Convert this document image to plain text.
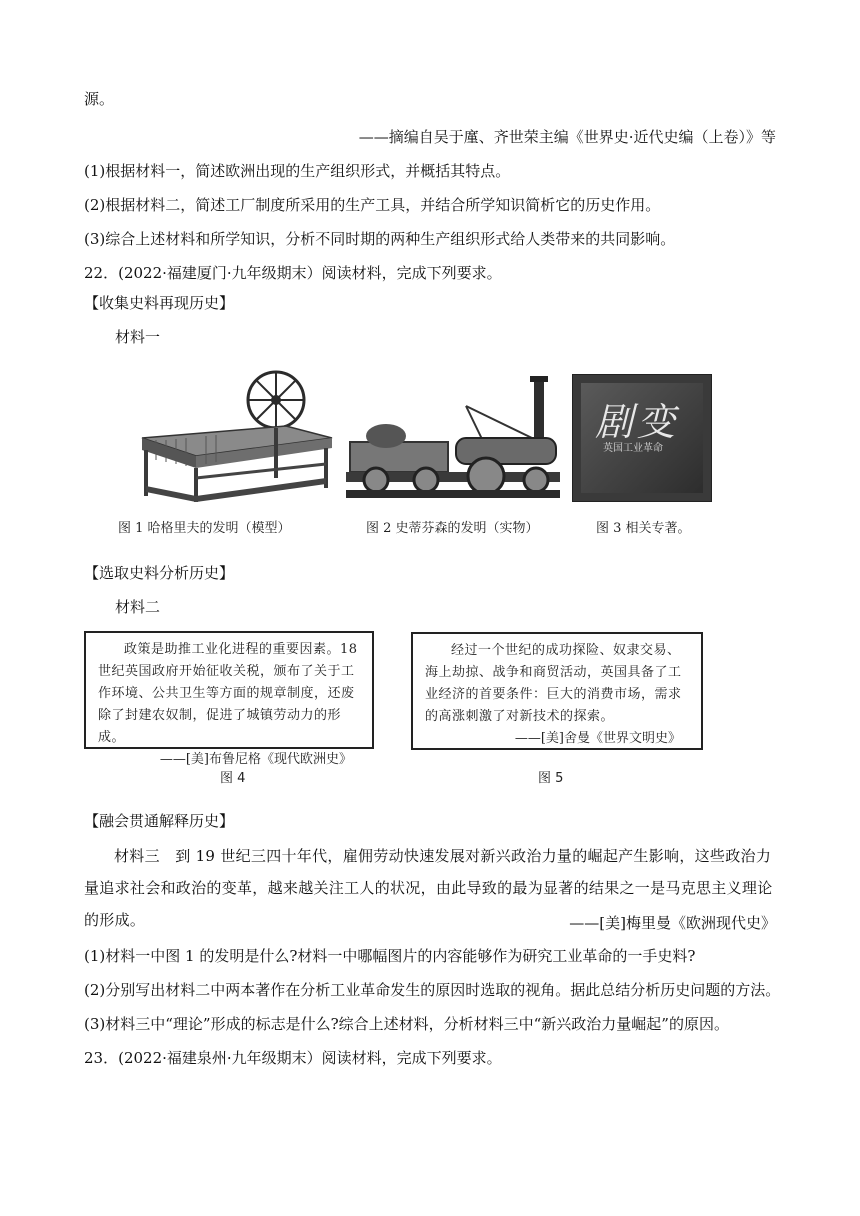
源。
——摘编自吴于廑、齐世荣主编《世界史·近代史编（上卷）》等
(1)根据材料一，简述欧洲出现的生产组织形式，并概括其特点。
(2)根据材料二，简述工厂制度所采用的生产工具，并结合所学知识简析它的历史作用。
(3)综合上述材料和所学知识，分析不同时期的两种生产组织形式给人类带来的共同影响。
22．(2022·福建厦门·九年级期末）阅读材料，完成下列要求。
【收集史料再现历史】
材料一
剧变
英国工业革命
图 1 哈格里夫的发明（模型）	图 2 史蒂芬森的发明（实物）	图 3 相关专著。
【选取史料分析历史】
材料二
政策是助推工业化进程的重要因素。18世纪英国政府开始征收关税，颁布了关于工作环境、公共卫生等方面的规章制度，还废除了封建农奴制，促进了城镇劳动力的形成。
——[美]布鲁尼格《现代欧洲史》
经过一个世纪的成功探险、奴隶交易、海上劫掠、战争和商贸活动，英国具备了工业经济的首要条件：巨大的消费市场，需求的高涨刺激了对新技术的探索。
——[美]舍曼《世界文明史》
图 4	图 5
【融会贯通解释历史】
材料三　到 19 世纪三四十年代，雇佣劳动快速发展对新兴政治力量的崛起产生影响，这些政治力量追求社会和政治的变革，越来越关注工人的状况，由此导致的最为显著的结果之一是马克思主义理论的形成。	——[美]梅里曼《欧洲现代史》
(1)材料一中图 1 的发明是什么?材料一中哪幅图片的内容能够作为研究工业革命的一手史料?
(2)分别写出材料二中两本著作在分析工业革命发生的原因时选取的视角。据此总结分析历史问题的方法。
(3)材料三中“理论”形成的标志是什么?综合上述材料，分析材料三中“新兴政治力量崛起”的原因。
23．(2022·福建泉州·九年级期末）阅读材料，完成下列要求。
